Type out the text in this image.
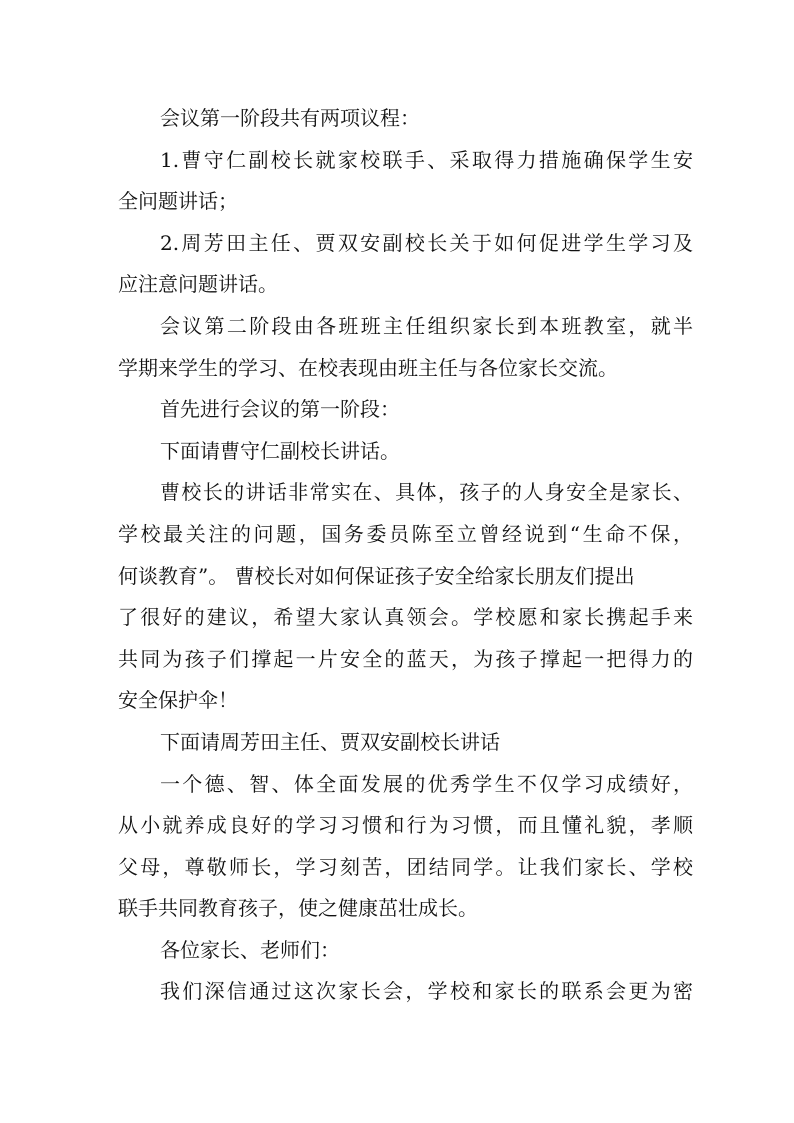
会议第一阶段共有两项议程：
1.曹守仁副校长就家校联手、采取得力措施确保学生安
全问题讲话；
2.周芳田主任、贾双安副校长关于如何促进学生学习及
应注意问题讲话。
会议第二阶段由各班班主任组织家长到本班教室，就半
学期来学生的学习、在校表现由班主任与各位家长交流。
首先进行会议的第一阶段：
下面请曹守仁副校长讲话。
曹校长的讲话非常实在、具体，孩子的人身安全是家长、
学校最关注的问题，国务委员陈至立曾经说到“生命不保，
何谈教育”。 曹校长对如何保证孩子安全给家长朋友们提出
了很好的建议，希望大家认真领会。学校愿和家长携起手来
共同为孩子们撑起一片安全的蓝天，为孩子撑起一把得力的
安全保护伞！
下面请周芳田主任、贾双安副校长讲话
一个德、智、体全面发展的优秀学生不仅学习成绩好，
从小就养成良好的学习习惯和行为习惯，而且懂礼貌，孝顺
父母，尊敬师长，学习刻苦，团结同学。让我们家长、学校
联手共同教育孩子，使之健康茁壮成长。
各位家长、老师们：
我们深信通过这次家长会，学校和家长的联系会更为密
